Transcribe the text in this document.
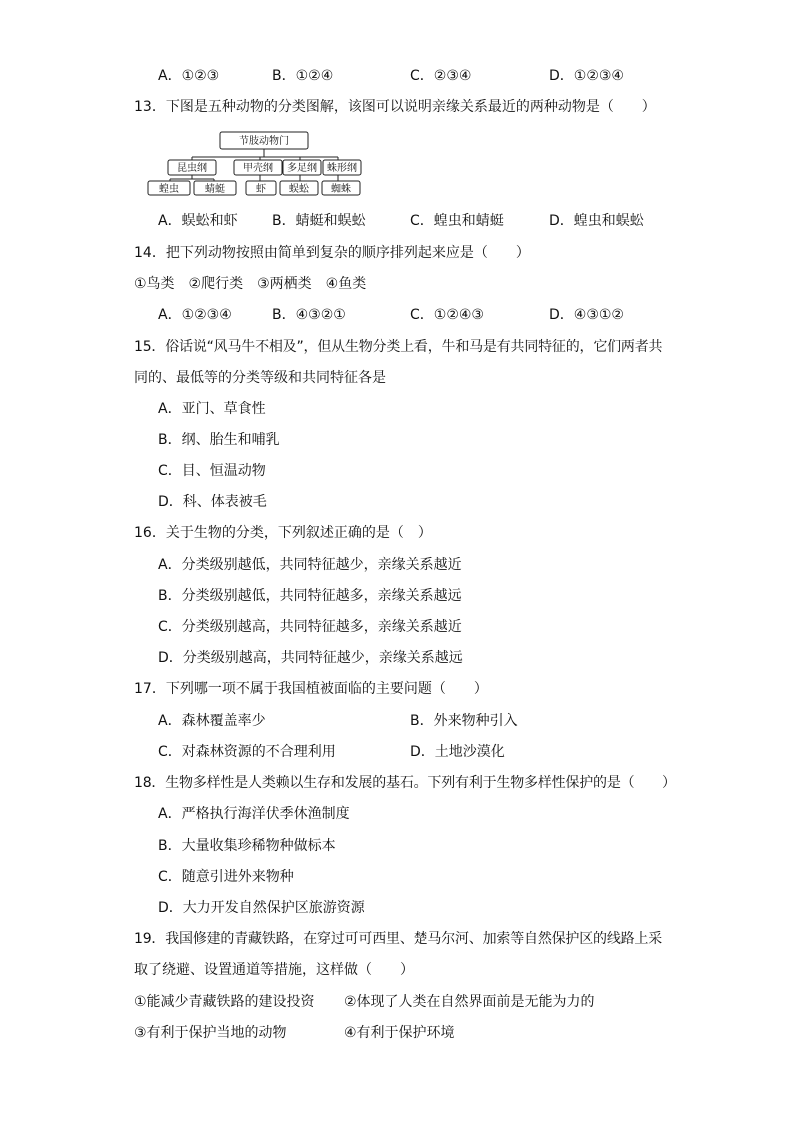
A．①②③	B．①②④	C．②③④	D．①②③④
13．下图是五种动物的分类图解，该图可以说明亲缘关系最近的两种动物是（　　）
节肢动物门
昆虫纲	甲壳纲 多足纲 蛛形纲
蝗虫	蜻蜓	虾 蜈蚣 蜘蛛
A．蜈蚣和虾 B．蜻蜓和蜈蚣	C．蝗虫和蜻蜓	D．蝗虫和蜈蚣
14．把下列动物按照由简单到复杂的顺序排列起来应是（　　）
①鸟类　②爬行类　③两栖类　④鱼类
A．①②③④	B．④③②①	C．①②④③	D．④③①②
15．俗话说“风马牛不相及”，但从生物分类上看，牛和马是有共同特征的，它们两者共
同的、最低等的分类等级和共同特征各是
A．亚门、草食性
B．纲、胎生和哺乳
C．目、恒温动物
D．科、体表被毛
16．关于生物的分类，下列叙述正确的是（　）
A．分类级别越低，共同特征越少，亲缘关系越近
B．分类级别越低，共同特征越多，亲缘关系越远
C．分类级别越高，共同特征越多，亲缘关系越近
D．分类级别越高，共同特征越少，亲缘关系越远
17．下列哪一项不属于我国植被面临的主要问题（　　）
A．森林覆盖率少	B．外来物种引入
C．对森林资源的不合理利用	D．土地沙漠化
18．生物多样性是人类赖以生存和发展的基石。下列有利于生物多样性保护的是（　　）
A．严格执行海洋伏季休渔制度
B．大量收集珍稀物种做标本
C．随意引进外来物种
D．大力开发自然保护区旅游资源
19．我国修建的青藏铁路，在穿过可可西里、楚马尔河、加索等自然保护区的线路上采
取了绕避、设置通道等措施，这样做（　　）
①能减少青藏铁路的建设投资 ②体现了人类在自然界面前是无能为力的
③有利于保护当地的动物	④有利于保护环境
